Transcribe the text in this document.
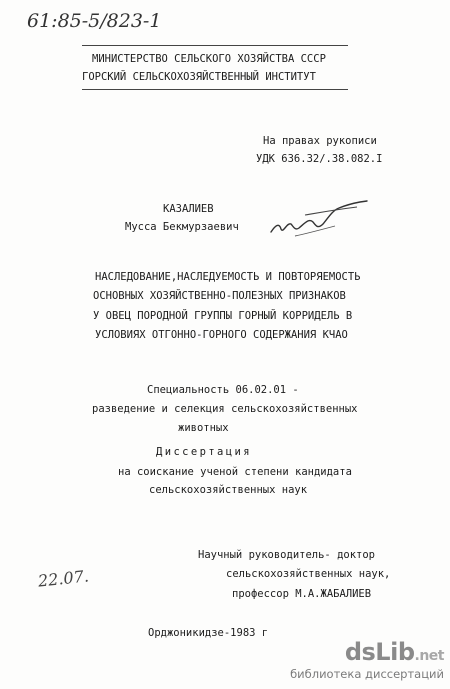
61:85-5/823-1
МИНИСТЕРСТВО СЕЛЬСКОГО ХОЗЯЙСТВА СССР
ГОРСКИЙ СЕЛЬСКОХОЗЯЙСТВЕННЫЙ ИНСТИТУТ
На правах рукописи
УДК 636.32/.38.082.I
КАЗАЛИЕВ
Мусса Бекмурзаевич
НАСЛЕДОВАНИЕ,НАСЛЕДУЕМОСТЬ И ПОВТОРЯЕМОСТЬ
ОСНОВНЫХ ХОЗЯЙСТВЕННО-ПОЛЕЗНЫХ ПРИЗНАКОВ
У ОВЕЦ ПОРОДНОЙ ГРУППЫ ГОРНЫЙ КОРРИДЕЛЬ В
УСЛОВИЯХ ОТГОННО-ГОРНОГО СОДЕРЖАНИЯ КЧАО
Специальность 06.02.01 -
разведение и селекция сельскохозяйственных
животных
Диссертация
на соискание ученой степени кандидата
сельскохозяйственных наук
22.07.
Научный руководитель- доктор
сельскохозяйственных наук,
профессор М.А.ЖАБАЛИЕВ
Орджоникидзе-1983 г
dsLib.net
библиотека диссертаций
